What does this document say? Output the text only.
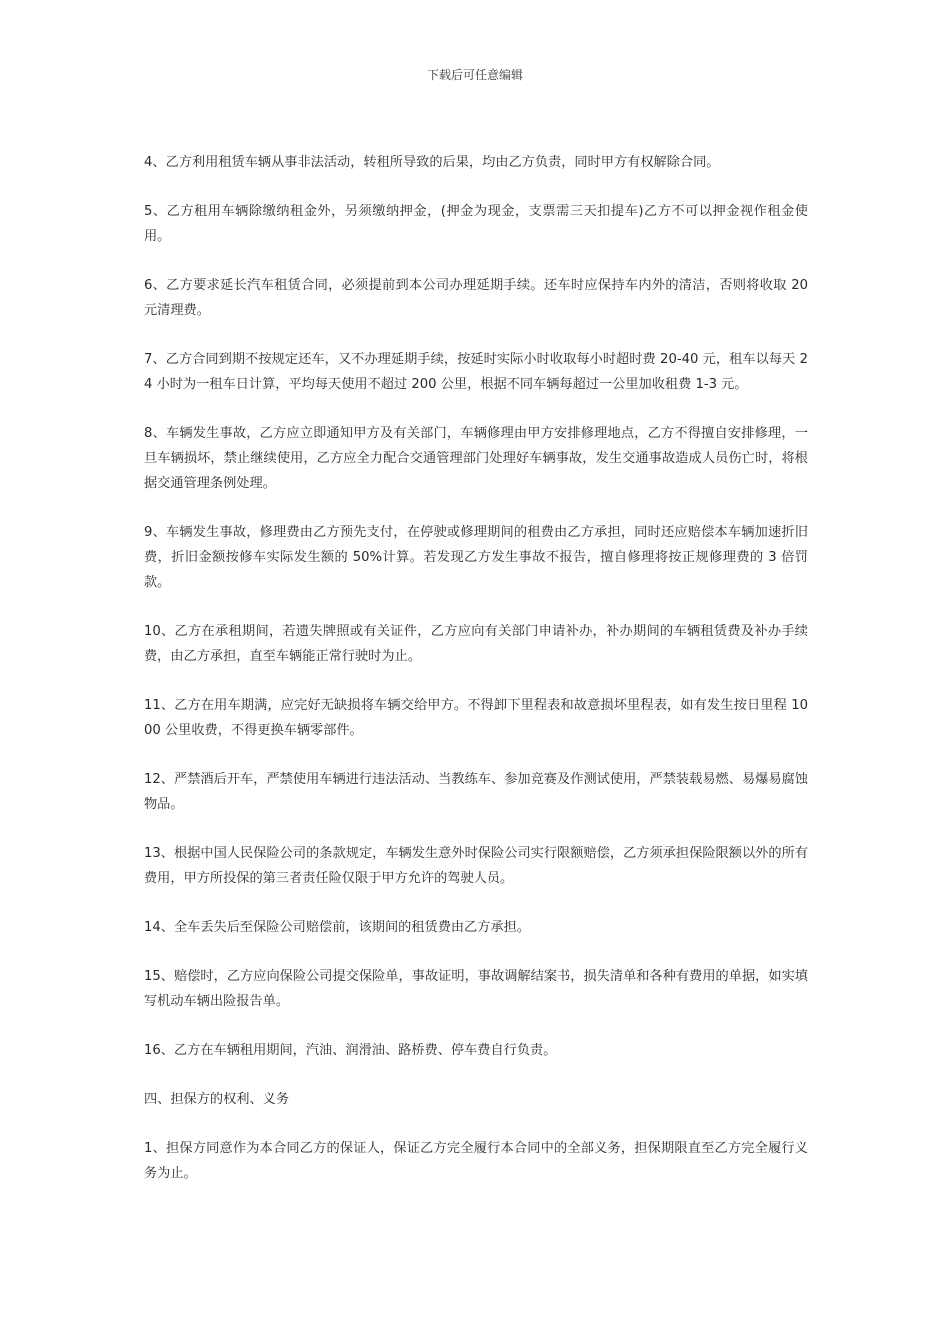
下载后可任意编辑

4、乙方利用租赁车辆从事非法活动，转租所导致的后果，均由乙方负责，同时甲方有权解除合同。

5、乙方租用车辆除缴纳租金外，另须缴纳押金，(押金为现金，支票需三天扣提车)乙方不可以押金视作租金使用。

6、乙方要求延长汽车租赁合同，必须提前到本公司办理延期手续。还车时应保持车内外的清洁，否则将收取 20 元清理费。

7、乙方合同到期不按规定还车，又不办理延期手续，按延时实际小时收取每小时超时费 20-40 元，租车以每天 24 小时为一租车日计算，平均每天使用不超过 200 公里，根据不同车辆每超过一公里加收租费 1-3 元。

8、车辆发生事故，乙方应立即通知甲方及有关部门，车辆修理由甲方安排修理地点，乙方不得擅自安排修理，一旦车辆损坏，禁止继续使用，乙方应全力配合交通管理部门处理好车辆事故，发生交通事故造成人员伤亡时，将根据交通管理条例处理。

9、车辆发生事故，修理费由乙方预先支付，在停驶或修理期间的租费由乙方承担，同时还应赔偿本车辆加速折旧费，折旧金额按修车实际发生额的 50%计算。若发现乙方发生事故不报告，擅自修理将按正规修理费的 3 倍罚款。

10、乙方在承租期间，若遗失牌照或有关证件，乙方应向有关部门申请补办，补办期间的车辆租赁费及补办手续费，由乙方承担，直至车辆能正常行驶时为止。

11、乙方在用车期满，应完好无缺损将车辆交给甲方。不得卸下里程表和故意损坏里程表，如有发生按日里程 1000 公里收费，不得更换车辆零部件。

12、严禁酒后开车，严禁使用车辆进行违法活动、当教练车、参加竞赛及作测试使用，严禁装载易燃、易爆易腐蚀物品。

13、根据中国人民保险公司的条款规定，车辆发生意外时保险公司实行限额赔偿，乙方须承担保险限额以外的所有费用，甲方所投保的第三者责任险仅限于甲方允许的驾驶人员。

14、全车丢失后至保险公司赔偿前，该期间的租赁费由乙方承担。

15、赔偿时，乙方应向保险公司提交保险单，事故证明，事故调解结案书，损失清单和各种有费用的单据，如实填写机动车辆出险报告单。

16、乙方在车辆租用期间，汽油、润滑油、路桥费、停车费自行负责。

四、担保方的权利、义务

1、担保方同意作为本合同乙方的保证人，保证乙方完全履行本合同中的全部义务，担保期限直至乙方完全履行义务为止。
